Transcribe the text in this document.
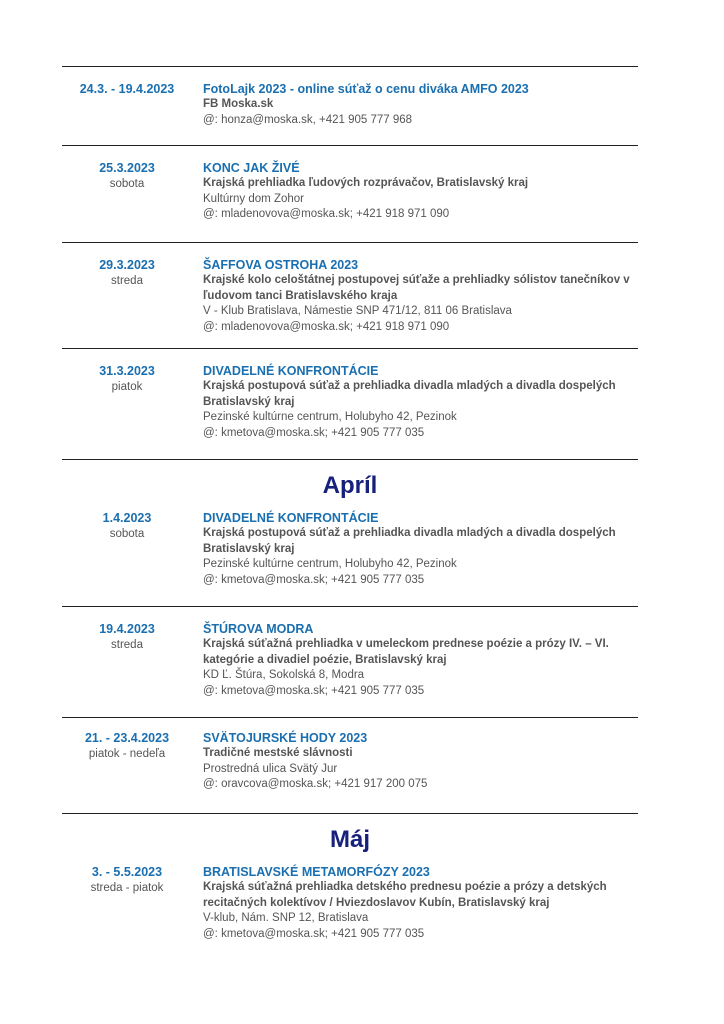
24.3. - 19.4.2023	FotoLajk 2023 - online súťaž o cenu diváka AMFO 2023
FB Moska.sk
@: honza@moska.sk, +421 905 777 968
25.3.2023
sobota
KONC JAK ŽIVÉ
Krajská prehliadka ľudových rozprávačov, Bratislavský kraj
Kultúrny dom Zohor
@: mladenovova@moska.sk; +421 918 971 090
29.3.2023
streda
ŠAFFOVA OSTROHA 2023
Krajské kolo celoštátnej postupovej súťaže a prehliadky sólistov tanečníkov v ľudovom tanci Bratislavského kraja
V - Klub Bratislava, Námestie SNP 471/12, 811 06 Bratislava
@: mladenovova@moska.sk; +421 918 971 090
31.3.2023
piatok
DIVADELNÉ KONFRONTÁCIE
Krajská postupová súťaž a prehliadka divadla mladých a divadla dospelých Bratislavský kraj
Pezinské kultúrne centrum, Holubyho 42, Pezinok
@: kmetova@moska.sk; +421 905 777 035
Apríl
1.4.2023
sobota
DIVADELNÉ KONFRONTÁCIE
Krajská postupová súťaž a prehliadka divadla mladých a divadla dospelých Bratislavský kraj
Pezinské kultúrne centrum, Holubyho 42, Pezinok
@: kmetova@moska.sk; +421 905 777 035
19.4.2023
streda
ŠTÚROVA MODRA
Krajská súťažná prehliadka v umeleckom prednese poézie a prózy IV. – VI. kategórie a divadiel poézie, Bratislavský kraj
KD Ľ. Štúra, Sokolská 8, Modra
@: kmetova@moska.sk; +421 905 777 035
21. - 23.4.2023
piatok - nedeľa
SVÄTOJURSKÉ HODY 2023
Tradičné mestské slávnosti
Prostredná ulica Svätý Jur
@: oravcova@moska.sk; +421 917 200 075
Máj
3. - 5.5.2023
streda - piatok
BRATISLAVSKÉ METAMORFÓZY 2023
Krajská súťažná prehliadka detského prednesu poézie a prózy a detských recitačných kolektívov / Hviezdoslavov Kubín, Bratislavský kraj
V-klub, Nám. SNP 12, Bratislava
@: kmetova@moska.sk; +421 905 777 035
